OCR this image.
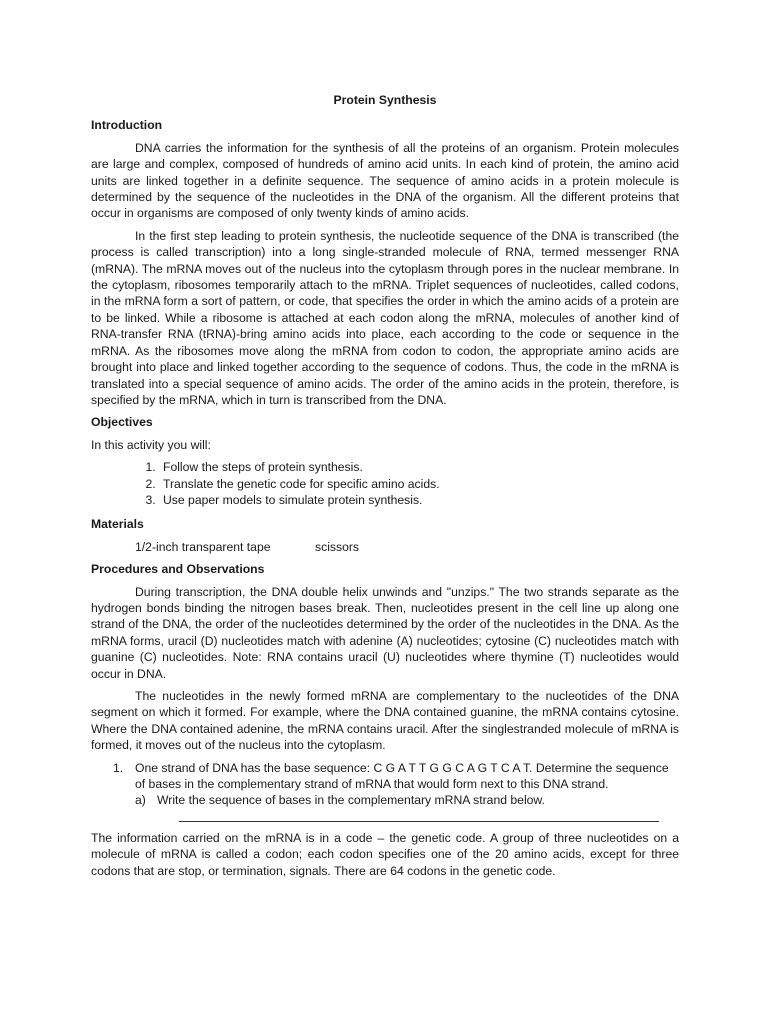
Protein Synthesis
Introduction

DNA carries the information for the synthesis of all the proteins of an organism. Protein molecules are large and complex, composed of hundreds of amino acid units. In each kind of protein, the amino acid units are linked together in a definite sequence. The sequence of amino acids in a protein molecule is determined by the sequence of the nucleotides in the DNA of the organism. All the different proteins that occur in organisms are composed of only twenty kinds of amino acids.

In the first step leading to protein synthesis, the nucleotide sequence of the DNA is transcribed (the process is called transcription) into a long single-stranded molecule of RNA, termed messenger RNA (mRNA). The mRNA moves out of the nucleus into the cytoplasm through pores in the nuclear membrane. In the cytoplasm, ribosomes temporarily attach to the mRNA. Triplet sequences of nucleotides, called codons, in the mRNA form a sort of pattern, or code, that specifies the order in which the amino acids of a protein are to be linked. While a ribosome is attached at each codon along the mRNA, molecules of another kind of RNA-transfer RNA (tRNA)-bring amino acids into place, each according to the code or sequence in the mRNA. As the ribosomes move along the mRNA from codon to codon, the appropriate amino acids are brought into place and linked together according to the sequence of codons. Thus, the code in the mRNA is translated into a special sequence of amino acids. The order of the amino acids in the protein, therefore, is specified by the mRNA, which in turn is transcribed from the DNA.

Objectives

In this activity you will:

1. Follow the steps of protein synthesis.
2. Translate the genetic code for specific amino acids.
3. Use paper models to simulate protein synthesis.
Materials
1/2-inch transparent tape	scissors
Procedures and Observations

During transcription, the DNA double helix unwinds and "unzips." The two strands separate as the hydrogen bonds binding the nitrogen bases break. Then, nucleotides present in the cell line up along one strand of the DNA, the order of the nucleotides determined by the order of the nucleotides in the DNA. As the mRNA forms, uracil (D) nucleotides match with adenine (A) nucleotides; cytosine (C) nucleotides match with guanine (C) nucleotides. Note: RNA contains uracil (U) nucleotides where thymine (T) nucleotides would occur in DNA.

The nucleotides in the newly formed mRNA are complementary to the nucleotides of the DNA segment on which it formed. For example, where the DNA contained guanine, the mRNA contains cytosine. Where the DNA contained adenine, the mRNA contains uracil. After the singlestranded molecule of mRNA is formed, it moves out of the nucleus into the cytoplasm.

1. One strand of DNA has the base sequence: C G A T T G G C A G T C A T. Determine the sequence of bases in the complementary strand of mRNA that would form next to this DNA strand.
a) Write the sequence of bases in the complementary mRNA strand below.

The information carried on the mRNA is in a code – the genetic code. A group of three nucleotides on a molecule of mRNA is called a codon; each codon specifies one of the 20 amino acids, except for three codons that are stop, or termination, signals. There are 64 codons in the genetic code.
